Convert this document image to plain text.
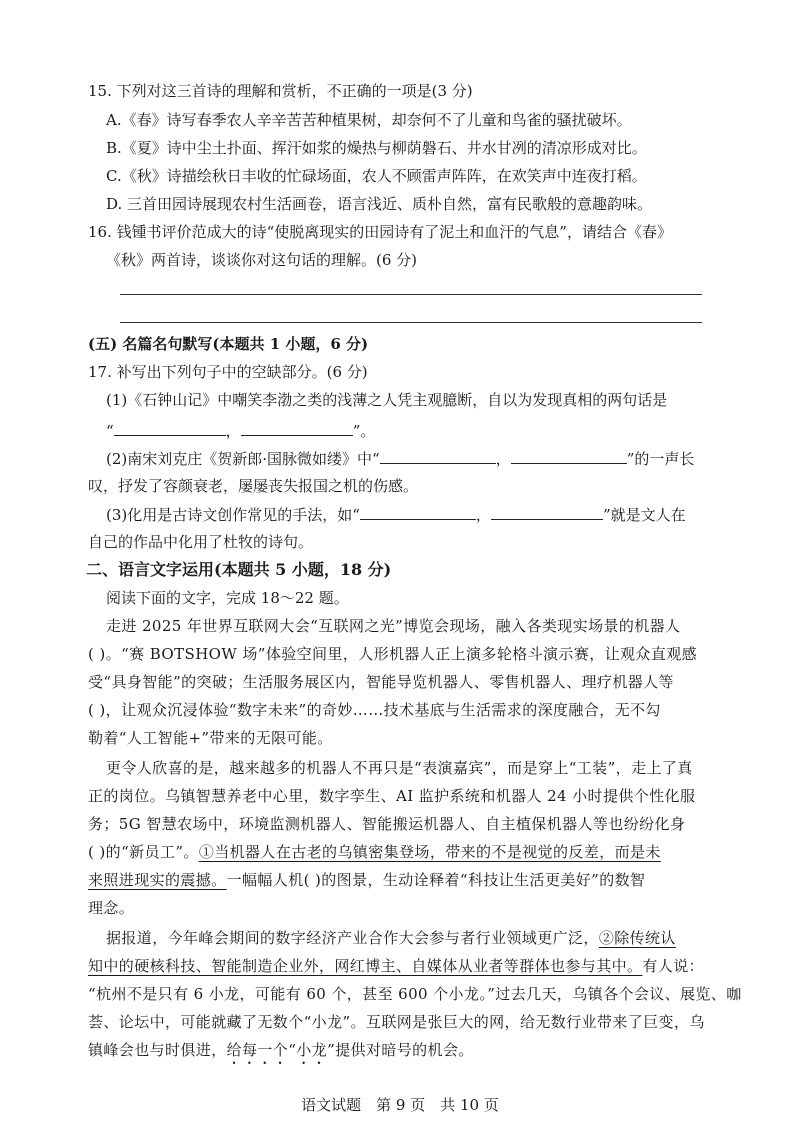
15. 下列对这三首诗的理解和赏析，不正确的一项是(3 分)
A.《春》诗写春季农人辛辛苦苦种植果树，却奈何不了儿童和鸟雀的骚扰破坏。
B.《夏》诗中尘土扑面、挥汗如浆的燥热与柳荫磐石、井水甘冽的清凉形成对比。
C.《秋》诗描绘秋日丰收的忙碌场面，农人不顾雷声阵阵，在欢笑声中连夜打稻。
D. 三首田园诗展现农村生活画卷，语言浅近、质朴自然，富有民歌般的意趣韵味。
16. 钱锺书评价范成大的诗“使脱离现实的田园诗有了泥土和血汗的气息”，请结合《春》
《秋》两首诗，谈谈你对这句话的理解。(6 分)
(五) 名篇名句默写(本题共 1 小题，6 分)
17. 补写出下列句子中的空缺部分。(6 分)
(1)《石钟山记》中嘲笑李渤之类的浅薄之人凭主观臆断，自以为发现真相的两句话是
“	，	”。
(2)南宋刘克庄《贺新郎·国脉微如缕》中“	，	”的一声长
叹，抒发了容颜衰老，屡屡丧失报国之机的伤感。
(3)化用是古诗文创作常见的手法，如“	，	”就是文人在
自己的作品中化用了杜牧的诗句。
二、语言文字运用(本题共 5 小题，18 分)
阅读下面的文字，完成 18～22 题。
走进 2025 年世界互联网大会“互联网之光”博览会现场，融入各类现实场景的机器人
( )。“赛 BOTSHOW 场”体验空间里，人形机器人正上演多轮格斗演示赛，让观众直观感
受“具身智能”的突破；生活服务展区内，智能导览机器人、零售机器人、理疗机器人等
( )，让观众沉浸体验“数字未来”的奇妙……技术基底与生活需求的深度融合，无不勾
勒着“人工智能+”带来的无限可能。
更令人欣喜的是，越来越多的机器人不再只是“表演嘉宾”，而是穿上“工装”，走上了真
正的岗位。乌镇智慧养老中心里，数字孪生、AI 监护系统和机器人 24 小时提供个性化服
务；5G 智慧农场中，环境监测机器人、智能搬运机器人、自主植保机器人等也纷纷化身
( )的“新员工”。①当机器人在古老的乌镇密集登场，带来的不是视觉的反差，而是未
来照进现实的震撼。一幅幅人机( )的图景，生动诠释着“科技让生活更美好”的数智
理念。
据报道，今年峰会期间的数字经济产业合作大会参与者行业领域更广泛，②除传统认
知中的硬核科技、智能制造企业外，网红博主、自媒体从业者等群体也参与其中。有人说：
“杭州不是只有 6 小龙，可能有 60 个，甚至 600 个小龙。”过去几天，乌镇各个会议、展览、咖
荟、论坛中，可能就藏了无数个“小龙”。互联网是张巨大的网，给无数行业带来了巨变，乌
镇峰会也与时俱进，给每一个“小龙”提供对暗号的机会。
语文试题　第 9 页　共 10 页
